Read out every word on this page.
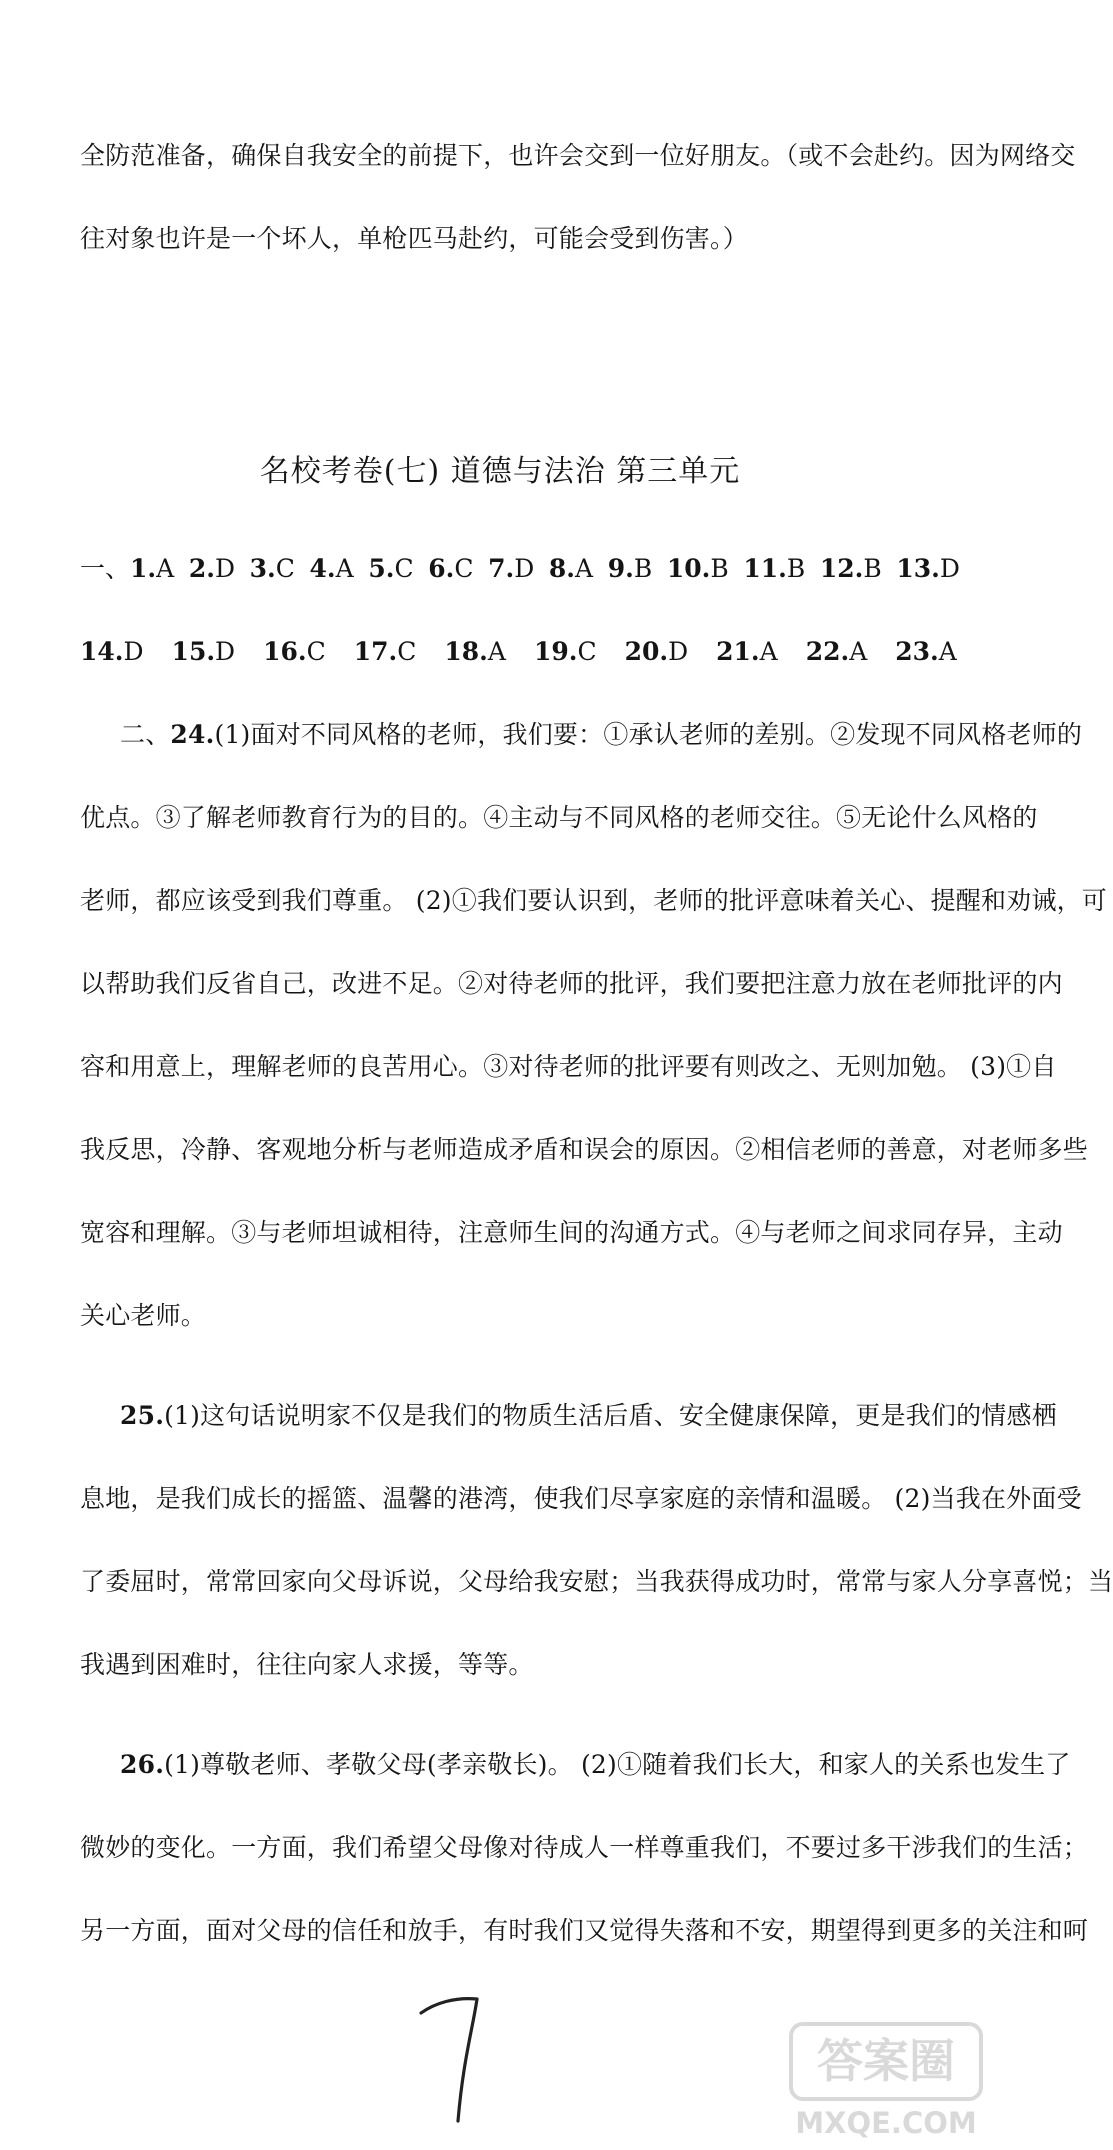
全防范准备，确保自我安全的前提下，也许会交到一位好朋友。（或不会赴约。因为网络交
往对象也许是一个坏人，单枪匹马赴约，可能会受到伤害。）
名校考卷(七) 道德与法治 第三单元
一、1.A 2.D 3.C 4.A 5.C 6.C 7.D 8.A 9.B 10.B 11.B 12.B 13.D
14.D 15.D 16.C 17.C 18.A 19.C 20.D 21.A 22.A 23.A
二、24.(1)面对不同风格的老师，我们要：①承认老师的差别。②发现不同风格老师的
优点。③了解老师教育行为的目的。④主动与不同风格的老师交往。⑤无论什么风格的
老师，都应该受到我们尊重。 (2)①我们要认识到，老师的批评意味着关心、提醒和劝诫，可
以帮助我们反省自己，改进不足。②对待老师的批评，我们要把注意力放在老师批评的内
容和用意上，理解老师的良苦用心。③对待老师的批评要有则改之、无则加勉。 (3)①自
我反思，冷静、客观地分析与老师造成矛盾和误会的原因。②相信老师的善意，对老师多些
宽容和理解。③与老师坦诚相待，注意师生间的沟通方式。④与老师之间求同存异，主动
关心老师。
25.(1)这句话说明家不仅是我们的物质生活后盾、安全健康保障，更是我们的情感栖
息地，是我们成长的摇篮、温馨的港湾，使我们尽享家庭的亲情和温暖。 (2)当我在外面受
了委屈时，常常回家向父母诉说，父母给我安慰；当我获得成功时，常常与家人分享喜悦；当
我遇到困难时，往往向家人求援，等等。
26.(1)尊敬老师、孝敬父母(孝亲敬长)。 (2)①随着我们长大，和家人的关系也发生了
微妙的变化。一方面，我们希望父母像对待成人一样尊重我们，不要过多干涉我们的生活；
另一方面，面对父母的信任和放手，有时我们又觉得失落和不安，期望得到更多的关注和呵
答案圈
MXQE.COM
